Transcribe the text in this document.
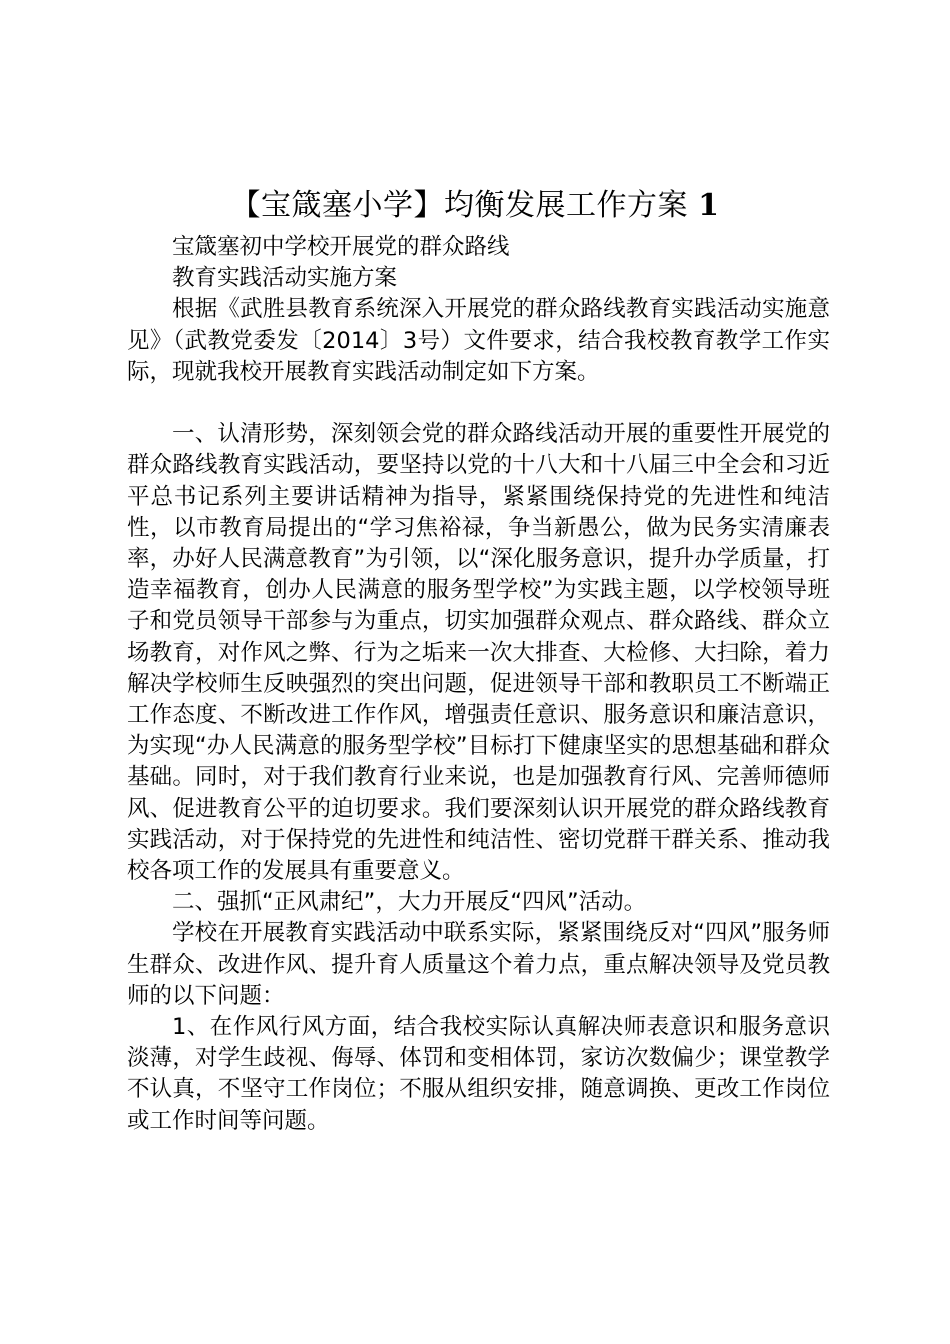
【宝箴塞小学】均衡发展工作方案 1

宝箴塞初中学校开展党的群众路线

教育实践活动实施方案

根据《武胜县教育系统深入开展党的群众路线教育实践活动实施意见》（武教党委发〔2014〕3号）文件要求，结合我校教育教学工作实际，现就我校开展教育实践活动制定如下方案。

一、认清形势，深刻领会党的群众路线活动开展的重要性开展党的群众路线教育实践活动，要坚持以党的十八大和十八届三中全会和习近平总书记系列主要讲话精神为指导，紧紧围绕保持党的先进性和纯洁性，以市教育局提出的“学习焦裕禄，争当新愚公，做为民务实清廉表率，办好人民满意教育”为引领，以“深化服务意识，提升办学质量，打造幸福教育，创办人民满意的服务型学校”为实践主题，以学校领导班子和党员领导干部参与为重点，切实加强群众观点、群众路线、群众立场教育，对作风之弊、行为之垢来一次大排查、大检修、大扫除，着力解决学校师生反映强烈的突出问题，促进领导干部和教职员工不断端正工作态度、不断改进工作作风，增强责任意识、服务意识和廉洁意识，为实现“办人民满意的服务型学校”目标打下健康坚实的思想基础和群众基础。同时，对于我们教育行业来说，也是加强教育行风、完善师德师风、促进教育公平的迫切要求。我们要深刻认识开展党的群众路线教育实践活动，对于保持党的先进性和纯洁性、密切党群干群关系、推动我校各项工作的发展具有重要意义。

二、强抓“正风肃纪”，大力开展反“四风”活动。

学校在开展教育实践活动中联系实际，紧紧围绕反对“四风”服务师生群众、改进作风、提升育人质量这个着力点，重点解决领导及党员教师的以下问题：

1、在作风行风方面，结合我校实际认真解决师表意识和服务意识淡薄，对学生歧视、侮辱、体罚和变相体罚，家访次数偏少；课堂教学不认真，不坚守工作岗位；不服从组织安排，随意调换、更改工作岗位或工作时间等问题。
